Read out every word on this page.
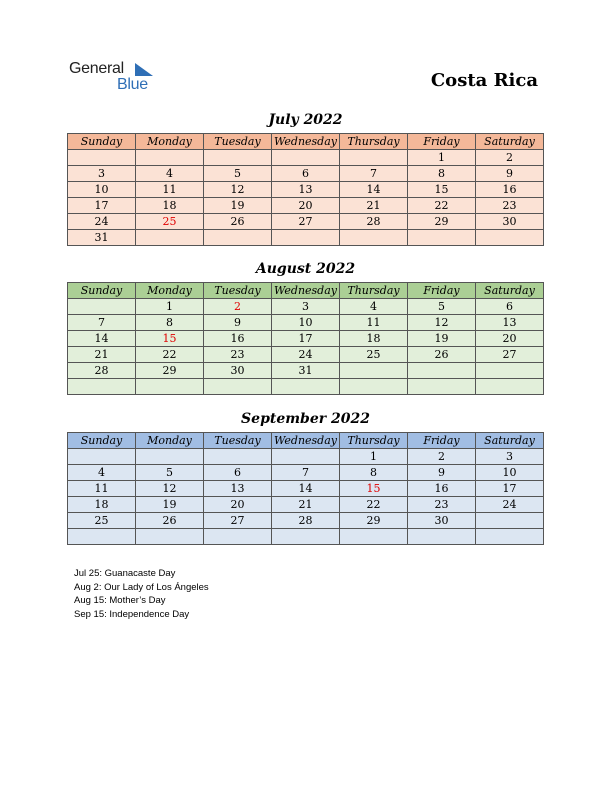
General
Blue	Costa Rica
July 2022
Sunday	Monday	Tuesday	Wednesday	Thursday	Friday	Saturday
					1	2
3	4	5	6	7	8	9
10	11	12	13	14	15	16
17	18	19	20	21	22	23
24	25	26	27	28	29	30
31						
August 2022
Sunday	Monday	Tuesday	Wednesday	Thursday	Friday	Saturday
	1	2	3	4	5	6
7	8	9	10	11	12	13
14	15	16	17	18	19	20
21	22	23	24	25	26	27
28	29	30	31			

September 2022
Sunday	Monday	Tuesday	Wednesday	Thursday	Friday	Saturday
				1	2	3
4	5	6	7	8	9	10
11	12	13	14	15	16	17
18	19	20	21	22	23	24
25	26	27	28	29	30	

Jul 25: Guanacaste Day
Aug 2: Our Lady of Los Ángeles
Aug 15: Mother’s Day
Sep 15: Independence Day
